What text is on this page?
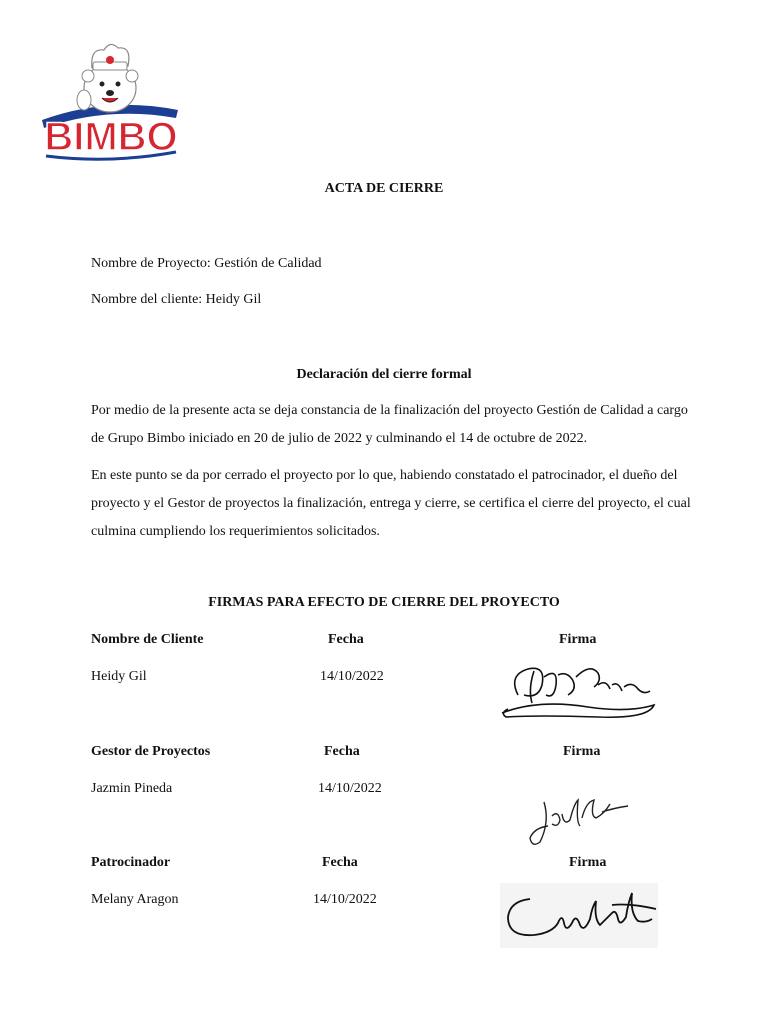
BIMBO
ACTA DE CIERRE
Nombre de Proyecto: Gestión de Calidad
Nombre del cliente: Heidy Gil
Declaración del cierre formal

Por medio de la presente acta se deja constancia de la finalización del proyecto Gestión de Calidad a cargo de Grupo Bimbo iniciado en 20 de julio de 2022 y culminando el 14 de octubre de 2022.

En este punto se da por cerrado el proyecto por lo que, habiendo constatado el patrocinador, el dueño del proyecto y el Gestor de proyectos la finalización, entrega y cierre, se certifica el cierre del proyecto, el cual culmina cumpliendo los requerimientos solicitados.

FIRMAS PARA EFECTO DE CIERRE DEL PROYECTO
Nombre de Cliente	Fecha	Firma
Heidy Gil	14/10/2022
Gestor de Proyectos	Fecha	Firma
Jazmin Pineda	14/10/2022
Patrocinador	Fecha	Firma
Melany Aragon	14/10/2022
